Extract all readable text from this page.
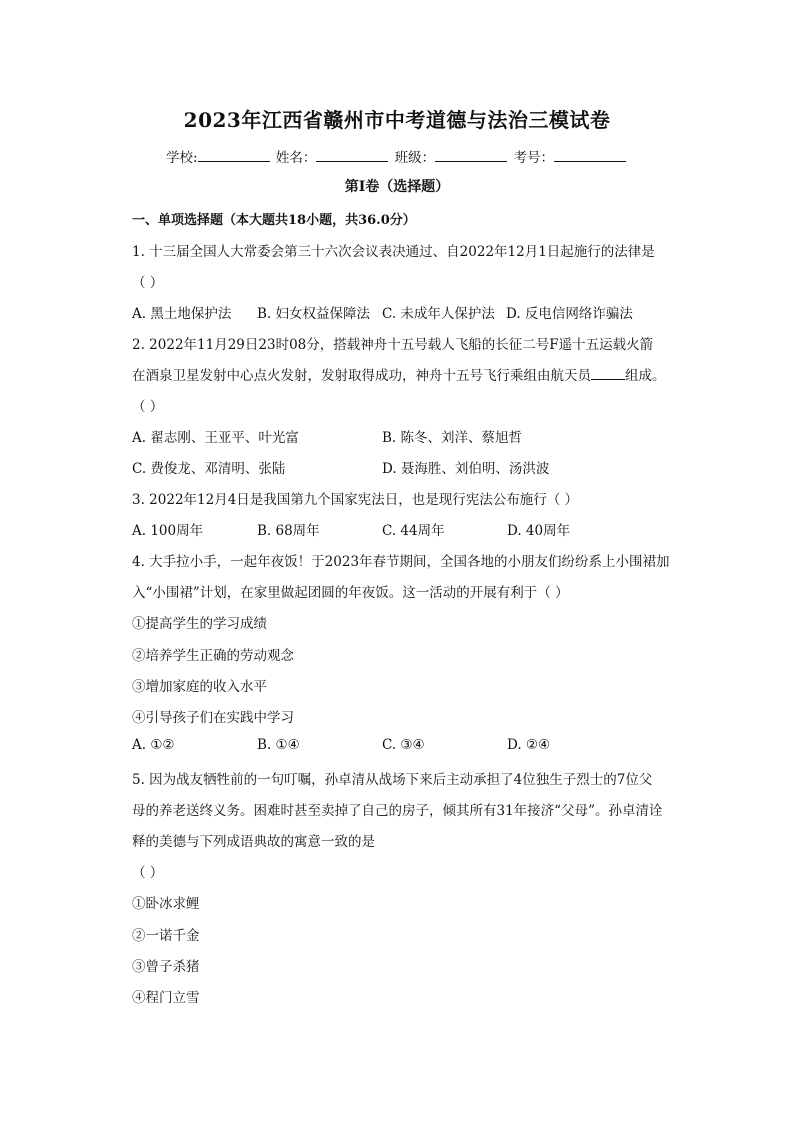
2023年江西省赣州市中考道德与法治三模试卷
学校:	姓名：	班级：	考号：
第I卷（选择题）
一、单项选择题（本大题共18小题，共36.0分）
1. 十三届全国人大常委会第三十六次会议表决通过、自2022年12月1日起施行的法律是
（ ）
A. 黑土地保护法 B. 妇女权益保障法 C. 未成年人保护法 D. 反电信网络诈骗法
2. 2022年11月29日23时08分，搭载神舟十五号载人飞船的长征二号F遥十五运载火箭
在酒泉卫星发射中心点火发射，发射取得成功，神舟十五号飞行乘组由航天员	组成。
（ ）
A. 翟志刚、王亚平、叶光富	B. 陈冬、刘洋、蔡旭哲
C. 费俊龙、邓清明、张陆	D. 聂海胜、刘伯明、汤洪波
3. 2022年12月4日是我国第九个国家宪法日，也是现行宪法公布施行（ ）
A. 100周年	B. 68周年	C. 44周年	D. 40周年
4. 大手拉小手，一起年夜饭！于2023年春节期间，全国各地的小朋友们纷纷系上小围裙加
入“小围裙”计划，在家里做起团圆的年夜饭。这一活动的开展有利于（ ）
①提高学生的学习成绩
②培养学生正确的劳动观念
③增加家庭的收入水平
④引导孩子们在实践中学习
A. ①②	B. ①④	C. ③④	D. ②④
5. 因为战友牺牲前的一句叮嘱，孙卓清从战场下来后主动承担了4位独生子烈士的7位父
母的养老送终义务。困难时甚至卖掉了自己的房子，倾其所有31年接济“父母”。孙卓清诠
释的美德与下列成语典故的寓意一致的是
（ ）
①卧冰求鲤
②一诺千金
③曾子杀猪
④程门立雪
